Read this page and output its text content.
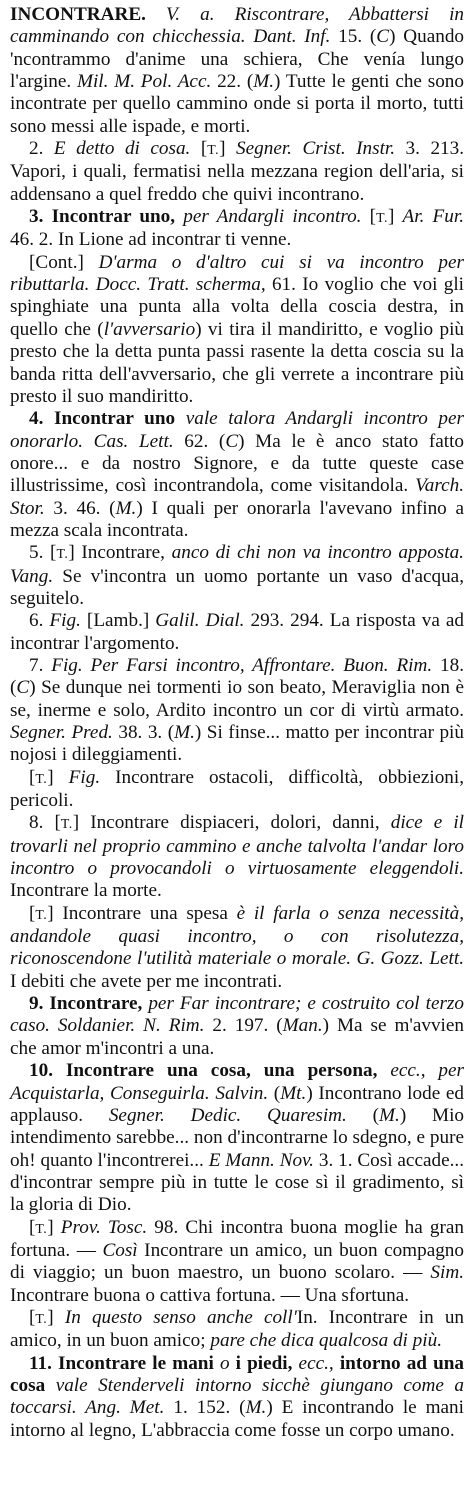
INCONTRARE. V. a. Riscontrare, Abbattersi in camminando con chicchessia. Dant. Inf. 15. (C) Quando 'ncontrammo d'anime una schiera, Che venía lungo l'argine. Mil. M. Pol. Acc. 22. (M.) Tutte le genti che sono incontrate per quello cammino onde si porta il morto, tutti sono messi alle ispade, e morti.

2. E detto di cosa. [T.] Segner. Crist. Instr. 3. 213. Vapori, i quali, fermatisi nella mezzana region dell'aria, si addensano a quel freddo che quivi incontrano.

3. Incontrar uno, per Andargli incontro. [T.] Ar. Fur. 46. 2. In Lione ad incontrar ti venne.

[Cont.] D'arma o d'altro cui si va incontro per ributtarla. Docc. Tratt. scherma, 61. Io voglio che voi gli spinghiate una punta alla volta della coscia destra, in quello che (l'avversario) vi tira il mandiritto, e voglio più presto che la detta punta passi rasente la detta coscia su la banda ritta dell'avversario, che gli verrete a incontrare più presto il suo mandiritto.

4. Incontrar uno vale talora Andargli incontro per onorarlo. Cas. Lett. 62. (C) Ma le è anco stato fatto onore... e da nostro Signore, e da tutte queste case illustrissime, così incontrandola, come visitandola. Varch. Stor. 3. 46. (M.) I quali per onorarla l'avevano infino a mezza scala incontrata.

5. [T.] Incontrare, anco di chi non va incontro apposta. Vang. Se v'incontra un uomo portante un vaso d'acqua, seguitelo.

6. Fig. [Lamb.] Galil. Dial. 293. 294. La risposta va ad incontrar l'argomento.

7. Fig. Per Farsi incontro, Affrontare. Buon. Rim. 18. (C) Se dunque nei tormenti io son beato, Meraviglia non è se, inerme e solo, Ardito incontro un cor di virtù armato. Segner. Pred. 38. 3. (M.) Si finse... matto per incontrar più nojosi i dileggiamenti.

[T.] Fig. Incontrare ostacoli, difficoltà, obbiezioni, pericoli.

8. [T.] Incontrare dispiaceri, dolori, danni, dice e il trovarli nel proprio cammino e anche talvolta l'andar loro incontro o provocandoli o virtuosamente eleggendoli. Incontrare la morte.

[T.] Incontrare una spesa è il farla o senza necessità, andandole quasi incontro, o con risolutezza, riconoscendone l'utilità materiale o morale. G. Gozz. Lett. I debiti che avete per me incontrati.

9. Incontrare, per Far incontrare; e costruito col terzo caso. Soldanier. N. Rim. 2. 197. (Man.) Ma se m'avvien che amor m'incontri a una.

10. Incontrare una cosa, una persona, ecc., per Acquistarla, Conseguirla. Salvin. (Mt.) Incontrano lode ed applauso. Segner. Dedic. Quaresim. (M.) Mio intendimento sarebbe... non d'incontrarne lo sdegno, e pure oh! quanto l'incontrerei... E Mann. Nov. 3. 1. Così accade... d'incontrar sempre più in tutte le cose sì il gradimento, sì la gloria di Dio.

[T.] Prov. Tosc. 98. Chi incontra buona moglie ha gran fortuna. — Così Incontrare un amico, un buon compagno di viaggio; un buon maestro, un buono scolaro. — Sim. Incontrare buona o cattiva fortuna. — Una sfortuna.

[T.] In questo senso anche coll'In. Incontrare in un amico, in un buon amico; pare che dica qualcosa di più.

11. Incontrare le mani o i piedi, ecc., intorno ad una cosa vale Stenderveli intorno sicchè giungano come a toccarsi. Ang. Met. 1. 152. (M.) E incontrando le mani intorno al legno, L'abbraccia come fosse un corpo umano.
